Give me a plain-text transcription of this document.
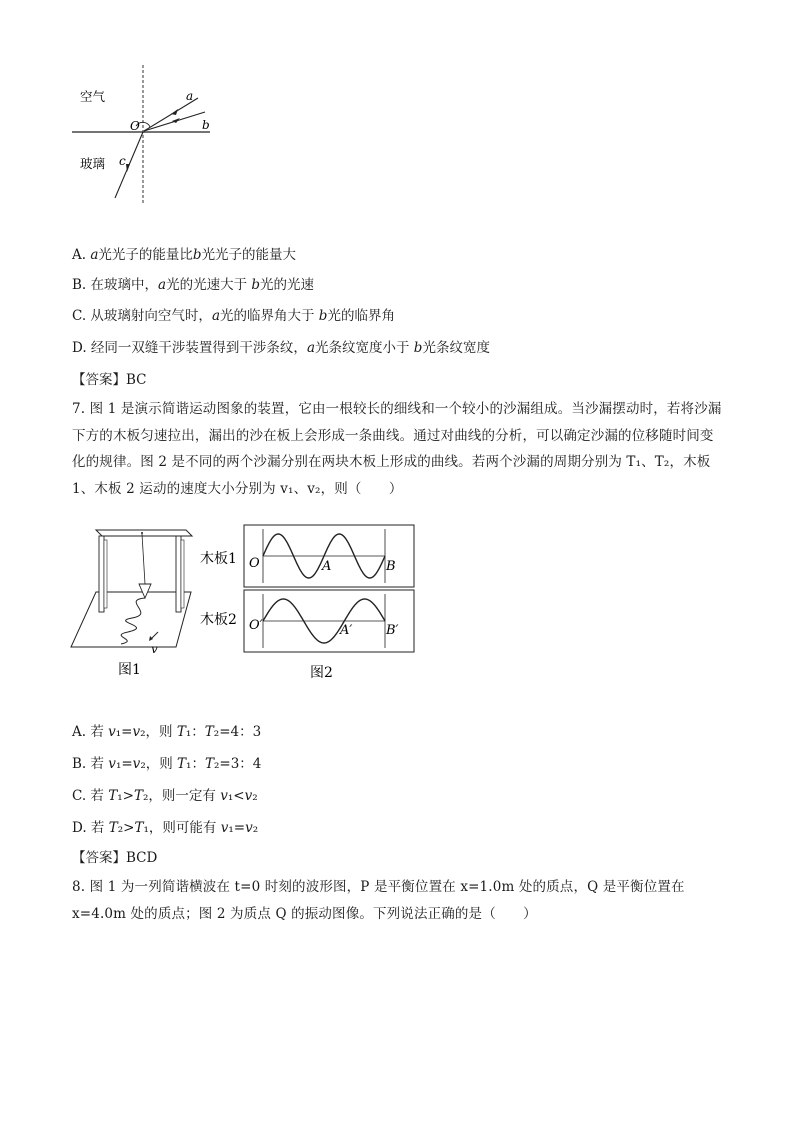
空气
玻璃
O
a
b
c
A. a光光子的能量比b光光子的能量大
B. 在玻璃中，a光的光速大于 b光的光速
C. 从玻璃射向空气时，a光的临界角大于 b光的临界角
D. 经同一双缝干涉装置得到干涉条纹，a光条纹宽度小于 b光条纹宽度
【答案】BC
7. 图 1 是演示简谐运动图象的装置，它由一根较长的细线和一个较小的沙漏组成。当沙漏摆动时，若将沙漏下方的木板匀速拉出，漏出的沙在板上会形成一条曲线。通过对曲线的分析，可以确定沙漏的位移随时间变化的规律。图 2 是不同的两个沙漏分别在两块木板上形成的曲线。若两个沙漏的周期分别为 T₁、T₂，木板 1、木板 2 运动的速度大小分别为 v₁、v₂，则（　　）
v
图1
木板1
木板2
O	A	B
O′	A′	B′
图2
A. 若 v₁=v₂，则 T₁：T₂=4：3
B. 若 v₁=v₂，则 T₁：T₂=3：4
C. 若 T₁>T₂，则一定有 v₁<v₂
D. 若 T₂>T₁，则可能有 v₁=v₂
【答案】BCD
8. 图 1 为一列简谐横波在 t=0 时刻的波形图，P 是平衡位置在 x=1.0m 处的质点，Q 是平衡位置在 x=4.0m 处的质点；图 2 为质点 Q 的振动图像。下列说法正确的是（　　）
